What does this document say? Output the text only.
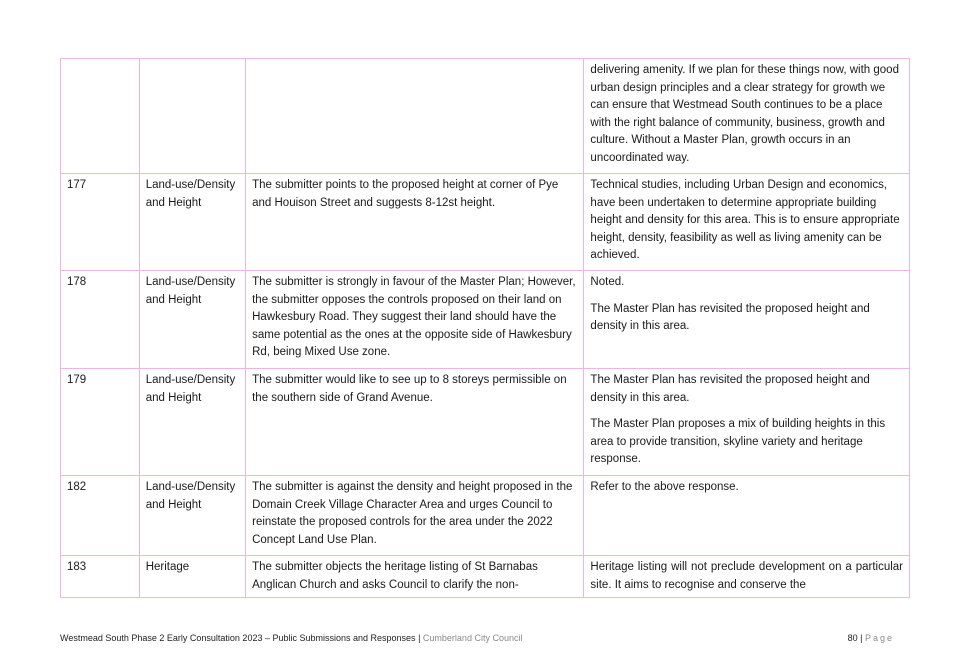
			delivering amenity. If we plan for these things now, with good urban design principles and a clear strategy for growth we can ensure that Westmead South continues to be a place with the right balance of community, business, growth and culture. Without a Master Plan, growth occurs in an uncoordinated way.

177	Land-use/Density and Height	The submitter points to the proposed height at corner of Pye and Houison Street and suggests 8-12st height.	Technical studies, including Urban Design and economics, have been undertaken to determine appropriate building height and density for this area. This is to ensure appropriate height, density, feasibility as well as living amenity can be achieved.

178	Land-use/Density and Height	The submitter is strongly in favour of the Master Plan; However, the submitter opposes the controls proposed on their land on Hawkesbury Road. They suggest their land should have the same potential as the ones at the opposite side of Hawkesbury Rd, being Mixed Use zone.	Noted.

The Master Plan has revisited the proposed height and density in this area.

179	Land-use/Density and Height	The submitter would like to see up to 8 storeys permissible on the southern side of Grand Avenue.	The Master Plan has revisited the proposed height and density in this area.

The Master Plan proposes a mix of building heights in this area to provide transition, skyline variety and heritage response.

182	Land-use/Density and Height	The submitter is against the density and height proposed in the Domain Creek Village Character Area and urges Council to reinstate the proposed controls for the area under the 2022 Concept Land Use Plan.	Refer to the above response.

183	Heritage	The submitter objects the heritage listing of St Barnabas Anglican Church and asks Council to clarify the non-	Heritage listing will not preclude development on a particular site. It aims to recognise and conserve the

Westmead South Phase 2 Early Consultation 2023 – Public Submissions and Responses | Cumberland City Council	80 | Page
